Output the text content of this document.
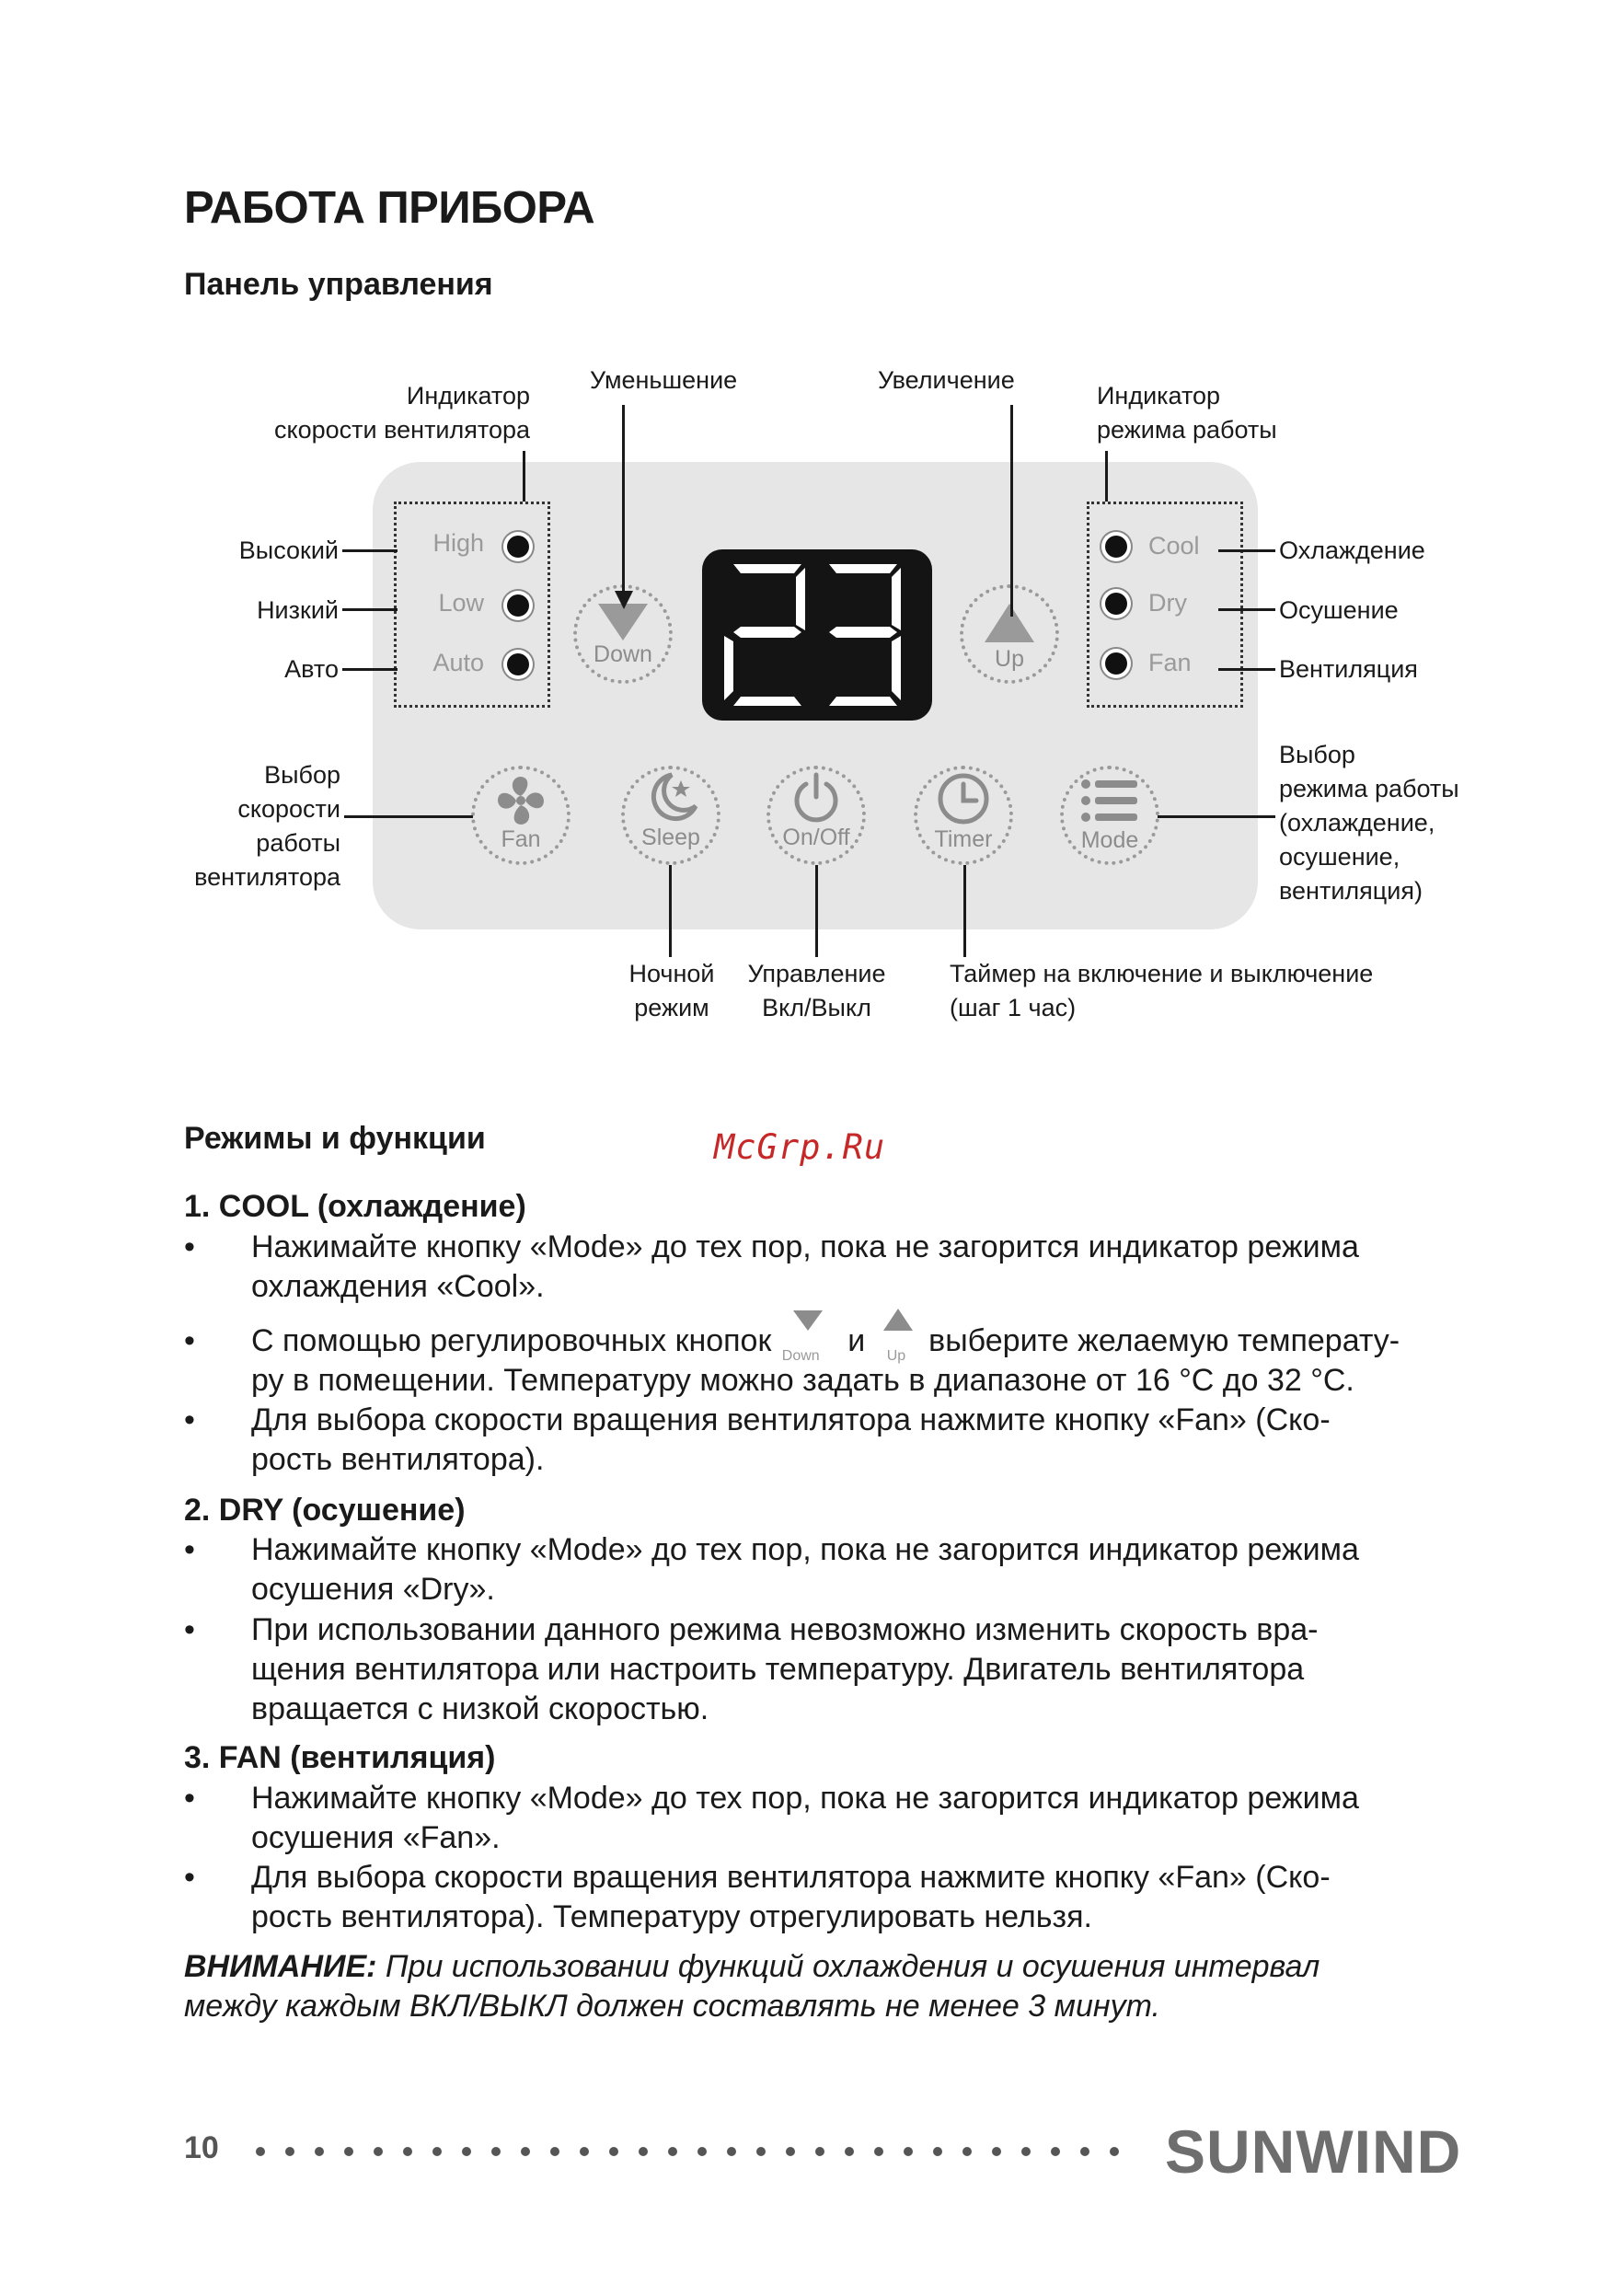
РАБОТА ПРИБОРА
Панель управления
Индикатор
скорости вентилятора
Уменьшение	Увеличение
Индикатор
режима работы
Высокий
Низкий
Авто
Охлаждение
Осушение
Вентиляция
Выбор
скорости
работы
вентилятора
Выбор
режима работы
(охлаждение,
осушение,
вентиляция)
Ночной
режим
Управление
Вкл/Выкл
Таймер на включение и выключение
(шаг 1 час)
High
Low
Auto
Cool
Dry
Fan
Down	Up
Fan	Sleep	On/Off	Timer	Mode
Режимы и функции	McGrp.Ru
1. COOL (охлаждение)
•	Нажимайте кнопку «Mode» до тех пор, пока не загорится индикатор режима
охлаждения «Cool».
•	С помощью регулировочных кнопок Down и Up выберите желаемую температу-
ру в помещении. Температуру можно задать в диапазоне от 16 °С до 32 °С.
•	Для выбора скорости вращения вентилятора нажмите кнопку «Fan» (Ско-
рость вентилятора).
2. DRY (осушение)
•	Нажимайте кнопку «Mode» до тех пор, пока не загорится индикатор режима
осушения «Dry».
•	При использовании данного режима невозможно изменить скорость вра-
щения вентилятора или настроить температуру. Двигатель вентилятора
вращается с низкой скоростью.
3. FAN (вентиляция)
•	Нажимайте кнопку «Mode» до тех пор, пока не загорится индикатор режима
осушения «Fan».
•	Для выбора скорости вращения вентилятора нажмите кнопку «Fan» (Ско-
рость вентилятора). Температуру отрегулировать нельзя.
ВНИМАНИЕ: При использовании функций охлаждения и осушения интервал
между каждым ВКЛ/ВЫКЛ должен составлять не менее 3 минут.
10	SUNWIND
